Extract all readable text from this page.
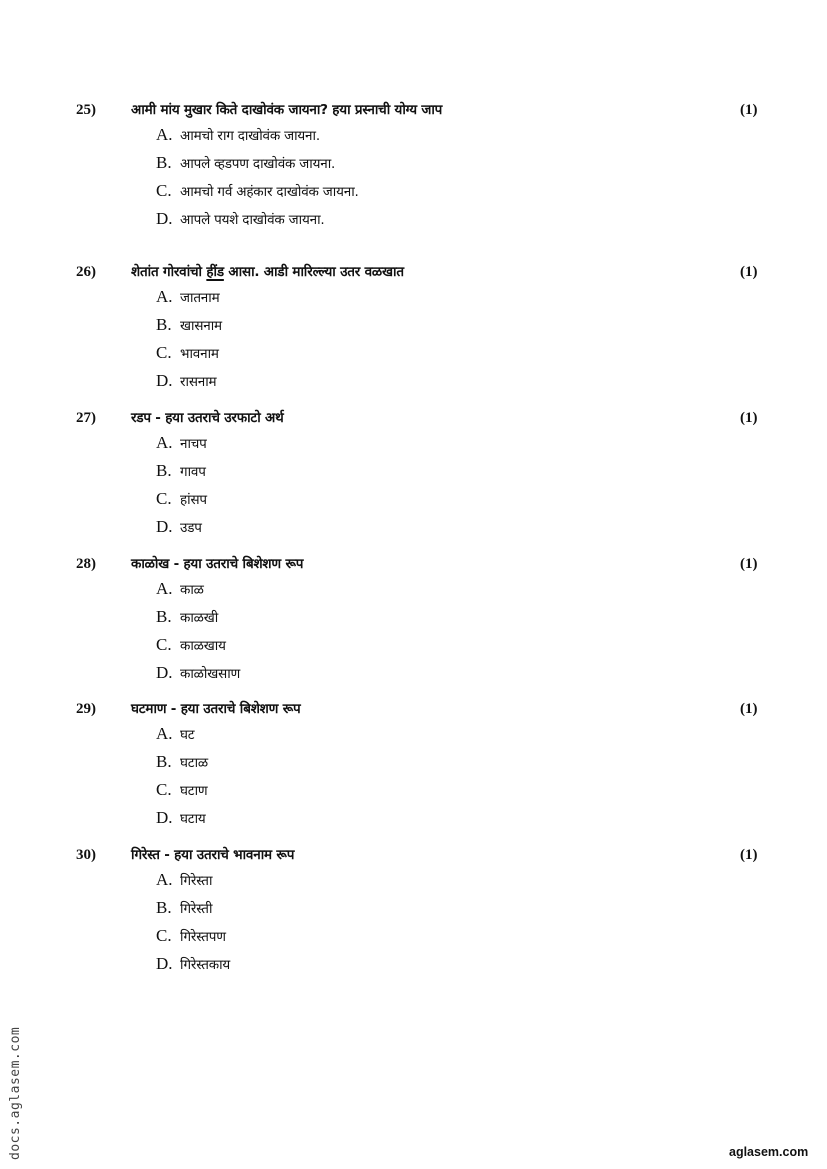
25)	आमी मांय मुखार किते दाखोवंक जायना? हया प्रस्नाची योग्य जाप	(1)
A. आमचो राग दाखोवंक जायना.
B. आपले व्हडपण दाखोवंक जायना.
C. आमचो गर्व अहंकार दाखोवंक जायना.
D. आपले पयशे दाखोवंक जायना.
26)	शेतांत गोरवांचो हींड आसा. आडी मारिल्ल्या उतर वळखात	(1)
A. जातनाम
B. खासनाम
C. भावनाम
D. रासनाम
27)	रडप - हया उतराचे उरफाटो अर्थ	(1)
A. नाचप
B. गावप
C. हांसप
D. उडप
28)	काळोख - हया उतराचे बिशेशण रूप	(1)
A. काळ
B. काळखी
C. काळखाय
D. काळोखसाण
29)	घटमाण - हया उतराचे बिशेशण रूप	(1)
A. घट
B. घटाळ
C. घटाण
D. घटाय
30)	गिरेस्त - हया उतराचे भावनाम रूप	(1)
A. गिरेस्ता
B. गिरेस्ती
C. गिरेस्तपण
D. गिरेस्तकाय
docs.aglasem.com	aglasem.com
